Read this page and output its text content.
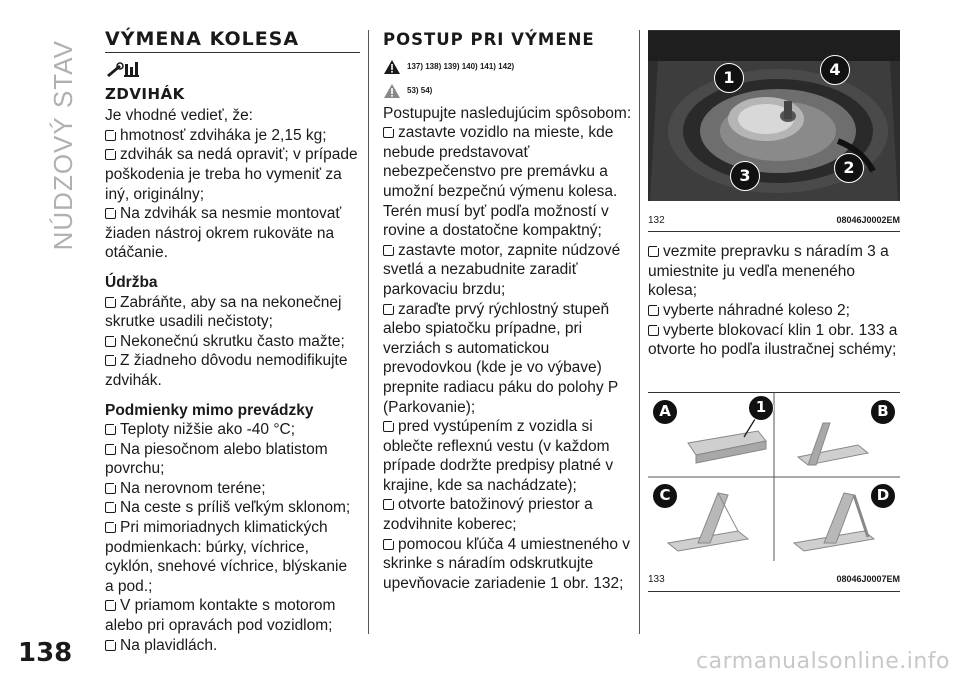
NÚDZOVÝ STAV
138
VÝMENA KOLESA
ZDVIHÁK

Je vhodné vedieť, že:

hmotnosť zdviháka je 2,15 kg;

zdvihák sa nedá opraviť; v prípade poškodenia je treba ho vymeniť za iný, originálny;

Na zdvihák sa nesmie montovať žiaden nástroj okrem rukoväte na otáčanie.

Údržba

Zabráňte, aby sa na nekonečnej skrutke usadili nečistoty;

Nekonečnú skrutku často mažte;

Z žiadneho dôvodu nemodifikujte zdvihák.

Podmienky mimo prevádzky

Teploty nižšie ako -40 °C;

Na piesočnom alebo blatistom povrchu;

Na nerovnom teréne;

Na ceste s príliš veľkým sklonom;

Pri mimoriadnych klimatických podmienkach: búrky, víchrice, cyklón, snehové víchrice, blýskanie a pod.;

V priamom kontakte s motorom alebo pri opravách pod vozidlom;

Na plavidlách.

POSTUP PRI VÝMENE
137) 138) 139) 140) 141) 142)
53) 54)

Postupujte nasledujúcim spôsobom:

zastavte vozidlo na mieste, kde nebude predstavovať nebezpečenstvo pre premávku a umožní bezpečnú výmenu kolesa. Terén musí byť podľa možností v rovine a dostatočne kompaktný;

zastavte motor, zapnite núdzové svetlá a nezabudnite zaradiť parkovaciu brzdu;

zaraďte prvý rýchlostný stupeň alebo spiatočku prípadne, pri verziách s automatickou prevodovkou (kde je vo výbave) prepnite radiacu páku do polohy P (Parkovanie);

pred vystúpením z vozidla si oblečte reflexnú vestu (v každom prípade dodržte predpisy platné v krajine, kde sa nachádzate);

otvorte batožinový priestor a zodvihnite koberec;

pomocou kľúča 4 umiestneného v skrinke s náradím odskrutkujte upevňovacie zariadenie 1 obr. 132;

1	4
3	2
132	08046J0002EM

vezmite prepravku s náradím 3 a umiestnite ju vedľa meneného kolesa;

vyberte náhradné koleso 2;

vyberte blokovací klin 1 obr. 133 a otvorte ho podľa ilustračnej schémy;

A	1	B
C	D
133	08046J0007EM
carmanualsonline.info
